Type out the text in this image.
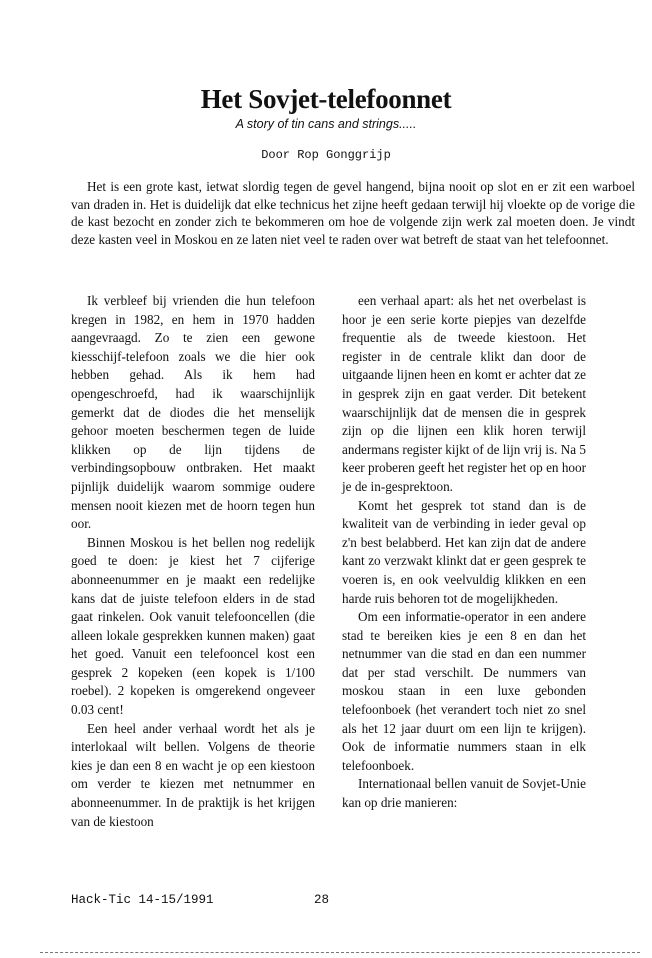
Het Sovjet-telefoonnet
A story of tin cans and strings.....
Door Rop Gonggrijp

Het is een grote kast, ietwat slordig tegen de gevel hangend, bijna nooit op slot en er zit een warboel van draden in. Het is duidelijk dat elke technicus het zijne heeft gedaan terwijl hij vloekte op de vorige die de kast bezocht en zonder zich te bekommeren om hoe de volgende zijn werk zal moeten doen. Je vindt deze kasten veel in Moskou en ze laten niet veel te raden over wat betreft de staat van het telefoonnet.

Ik verbleef bij vrienden die hun telefoon kregen in 1982, en hem in 1970 hadden aangevraagd. Zo te zien een gewone kiesschijf-telefoon zoals we die hier ook hebben gehad. Als ik hem had opengeschroefd, had ik waarschijnlijk gemerkt dat de diodes die het menselijk gehoor moeten beschermen tegen de luide klikken op de lijn tijdens de verbindingsopbouw ontbraken. Het maakt pijnlijk duidelijk waarom sommige oudere mensen nooit kiezen met de hoorn tegen hun oor.

Binnen Moskou is het bellen nog redelijk goed te doen: je kiest het 7 cijferige abonneenummer en je maakt een redelijke kans dat de juiste telefoon elders in de stad gaat rinkelen. Ook vanuit telefooncellen (die alleen lokale gesprekken kunnen maken) gaat het goed. Vanuit een telefooncel kost een gesprek 2 kopeken (een kopek is 1/100 roebel). 2 kopeken is omgerekend ongeveer 0.03 cent!

Een heel ander verhaal wordt het als je interlokaal wilt bellen. Volgens de theorie kies je dan een 8 en wacht je op een kiestoon om verder te kiezen met netnummer en abonneenummer. In de praktijk is het krijgen van de kiestoon

een verhaal apart: als het net overbelast is hoor je een serie korte piepjes van dezelfde frequentie als de tweede kiestoon. Het register in de centrale klikt dan door de uitgaande lijnen heen en komt er achter dat ze in gesprek zijn en gaat verder. Dit betekent waarschijnlijk dat de mensen die in gesprek zijn op die lijnen een klik horen terwijl andermans register kijkt of de lijn vrij is. Na 5 keer proberen geeft het register het op en hoor je de in-gesprektoon.

Komt het gesprek tot stand dan is de kwaliteit van de verbinding in ieder geval op z'n best belabberd. Het kan zijn dat de andere kant zo verzwakt klinkt dat er geen gesprek te voeren is, en ook veelvuldig klikken en een harde ruis behoren tot de mogelijkheden.

Om een informatie-operator in een andere stad te bereiken kies je een 8 en dan het netnummer van die stad en dan een nummer dat per stad verschilt. De nummers van moskou staan in een luxe gebonden telefoonboek (het verandert toch niet zo snel als het 12 jaar duurt om een lijn te krijgen). Ook de informatie nummers staan in elk telefoonboek.

Internationaal bellen vanuit de Sovjet-Unie kan op drie manieren:

Hack-Tic 14-15/1991	28
